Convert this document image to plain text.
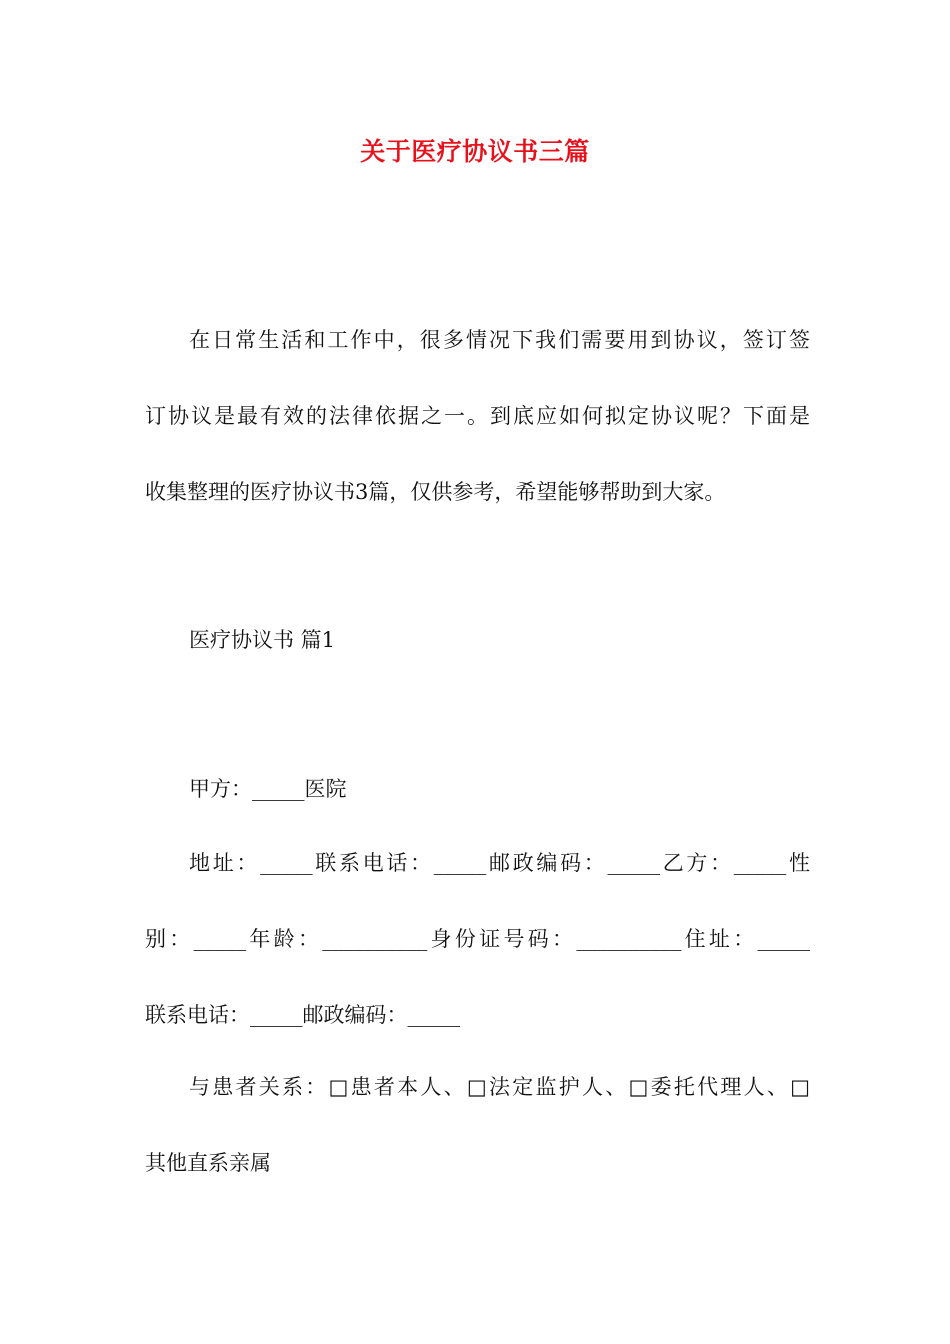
关于医疗协议书三篇
在日常生活和工作中，很多情况下我们需要用到协议，签订签
订协议是最有效的法律依据之一。到底应如何拟定协议呢？下面是
收集整理的医疗协议书3篇，仅供参考，希望能够帮助到大家。
医疗协议书 篇1
甲方：_____医院
地址：_____联系电话：_____邮政编码：_____乙方：_____性
别：_____年龄：__________身份证号码：__________住址：_____
联系电话：_____邮政编码：_____
与患者关系：□患者本人、□法定监护人、□委托代理人、□
其他直系亲属
